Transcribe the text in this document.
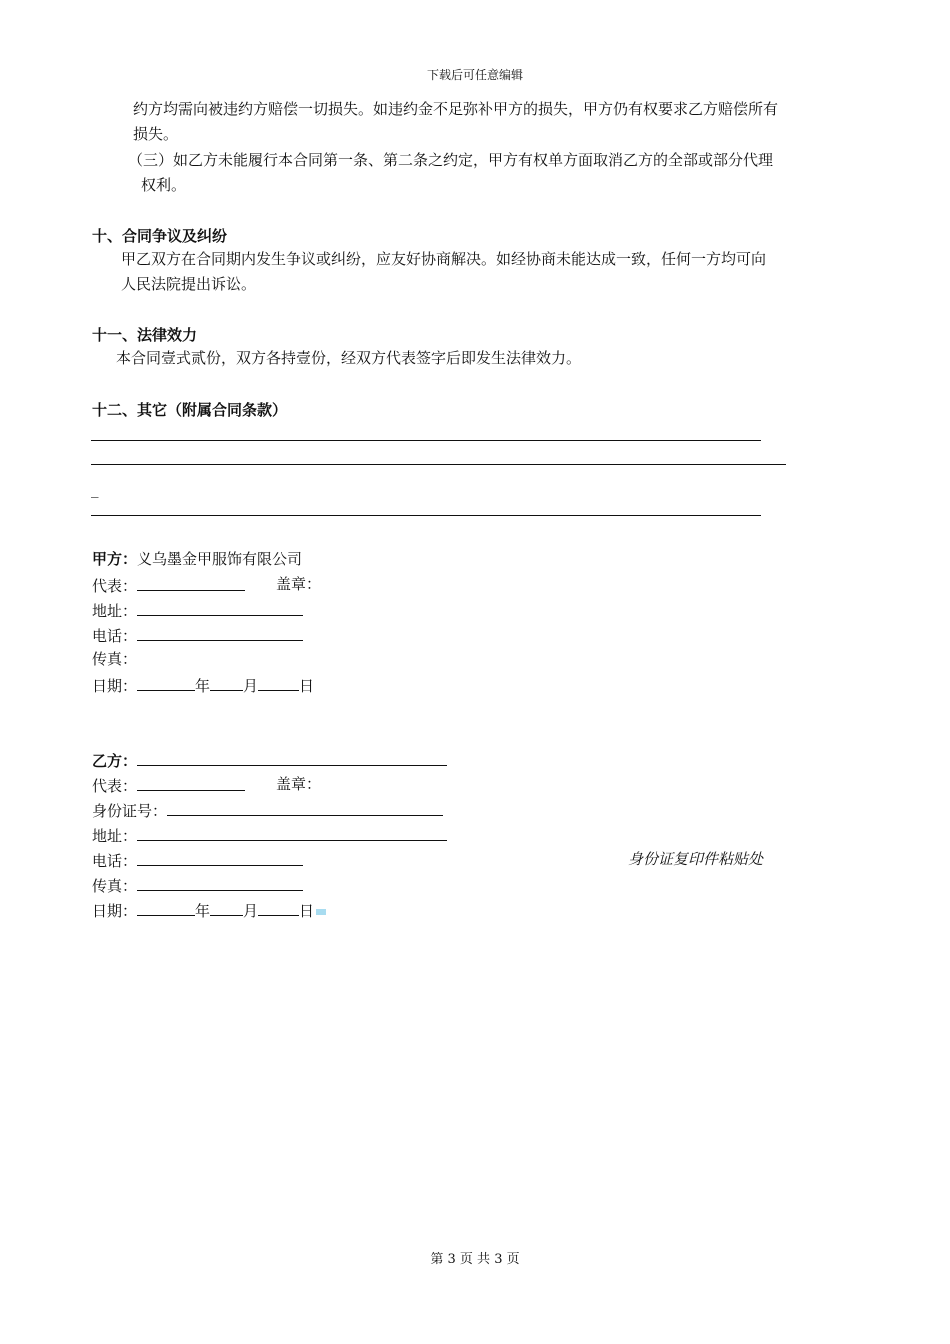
下载后可任意编辑
约方均需向被违约方赔偿一切损失。如违约金不足弥补甲方的损失，甲方仍有权要求乙方赔偿所有
损失。
（三）如乙方未能履行本合同第一条、第二条之约定，甲方有权单方面取消乙方的全部或部分代理
权利。
十、合同争议及纠纷
甲乙双方在合同期内发生争议或纠纷，应友好协商解决。如经协商未能达成一致，任何一方均可向
人民法院提出诉讼。
十一、法律效力
本合同壹式贰份，双方各持壹份，经双方代表签字后即发生法律效力。
十二、其它（附属合同条款）
_
甲方：义乌墨金甲服饰有限公司
代表：	盖章：
地址：
电话：
传真：
日期：	年 月	日
乙方：
代表：	盖章：
身份证号：
地址：
电话：	身份证复印件粘贴处
传真：
日期：	年 月	日
第 3 页 共 3 页
